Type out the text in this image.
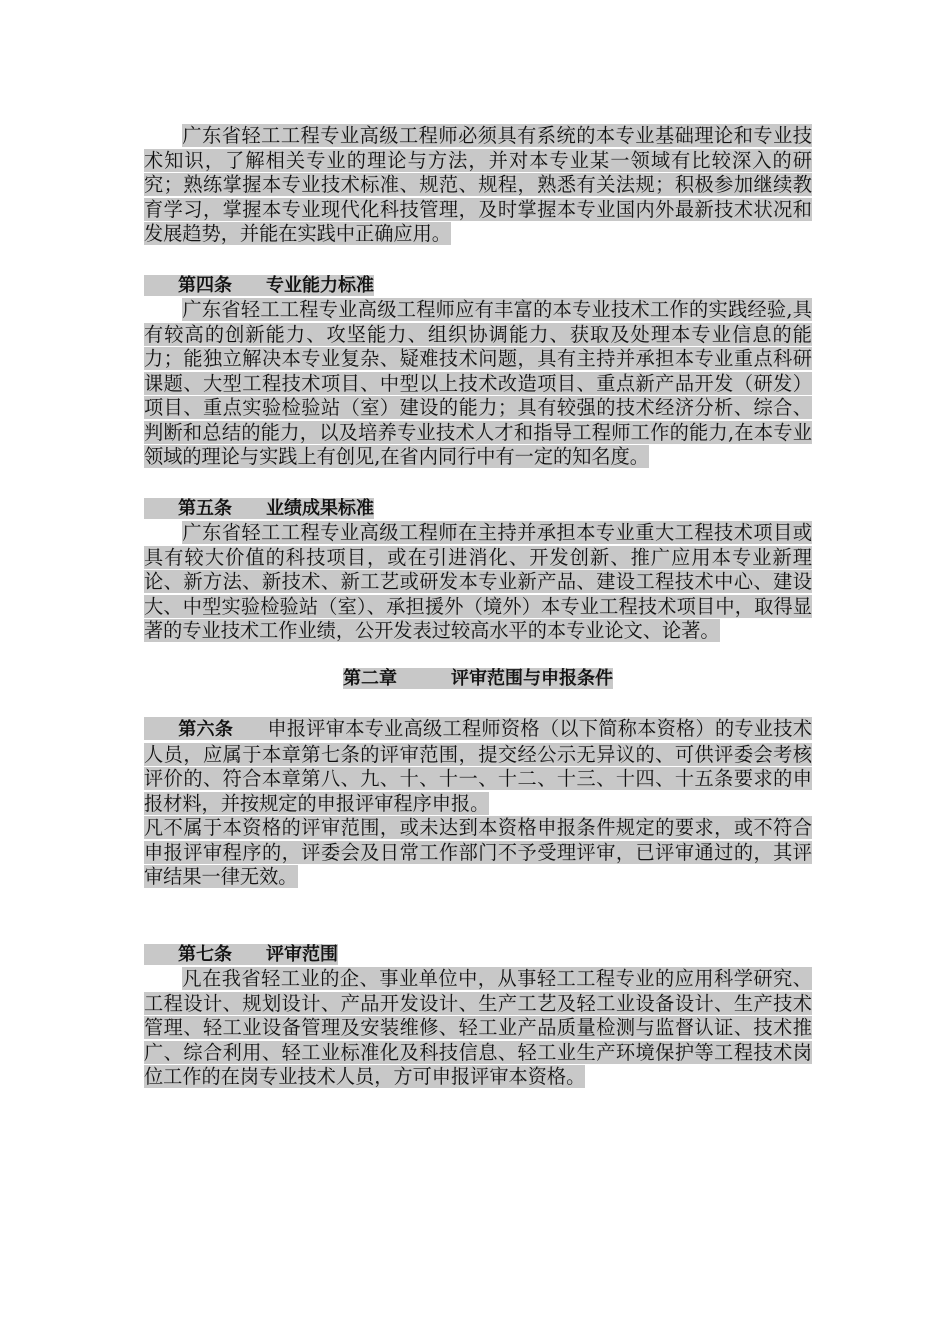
广东省轻工工程专业高级工程师必须具有系统的本专业基础理论和专业技术知识，了解相关专业的理论与方法，并对本专业某一领域有比较深入的研究；熟练掌握本专业技术标准、规范、规程，熟悉有关法规；积极参加继续教育学习，掌握本专业现代化科技管理，及时掌握本专业国内外最新技术状况和发展趋势，并能在实践中正确应用。

第四条 专业能力标准

广东省轻工工程专业高级工程师应有丰富的本专业技术工作的实践经验,具有较高的创新能力、攻坚能力、组织协调能力、获取及处理本专业信息的能力；能独立解决本专业复杂、疑难技术问题，具有主持并承担本专业重点科研课题、大型工程技术项目、中型以上技术改造项目、重点新产品开发（研发）项目、重点实验检验站（室）建设的能力；具有较强的技术经济分析、综合、判断和总结的能力，以及培养专业技术人才和指导工程师工作的能力,在本专业领域的理论与实践上有创见,在省内同行中有一定的知名度。

第五条 业绩成果标准

广东省轻工工程专业高级工程师在主持并承担本专业重大工程技术项目或具有较大价值的科技项目，或在引进消化、开发创新、推广应用本专业新理论、新方法、新技术、新工艺或研发本专业新产品、建设工程技术中心、建设大、中型实验检验站（室）、承担援外（境外）本专业工程技术项目中，取得显著的专业技术工作业绩，公开发表过较高水平的本专业论文、论著。

第二章	评审范围与申报条件

第六条 申报评审本专业高级工程师资格（以下简称本资格）的专业技术人员，应属于本章第七条的评审范围，提交经公示无异议的、可供评委会考核评价的、符合本章第八、九、十、十一、十二、十三、十四、十五条要求的申报材料，并按规定的申报评审程序申报。

凡不属于本资格的评审范围，或未达到本资格申报条件规定的要求，或不符合申报评审程序的，评委会及日常工作部门不予受理评审，已评审通过的，其评审结果一律无效。

第七条 评审范围

凡在我省轻工业的企、事业单位中，从事轻工工程专业的应用科学研究、工程设计、规划设计、产品开发设计、生产工艺及轻工业设备设计、生产技术管理、轻工业设备管理及安装维修、轻工业产品质量检测与监督认证、技术推广、综合利用、轻工业标准化及科技信息、轻工业生产环境保护等工程技术岗位工作的在岗专业技术人员，方可申报评审本资格。
